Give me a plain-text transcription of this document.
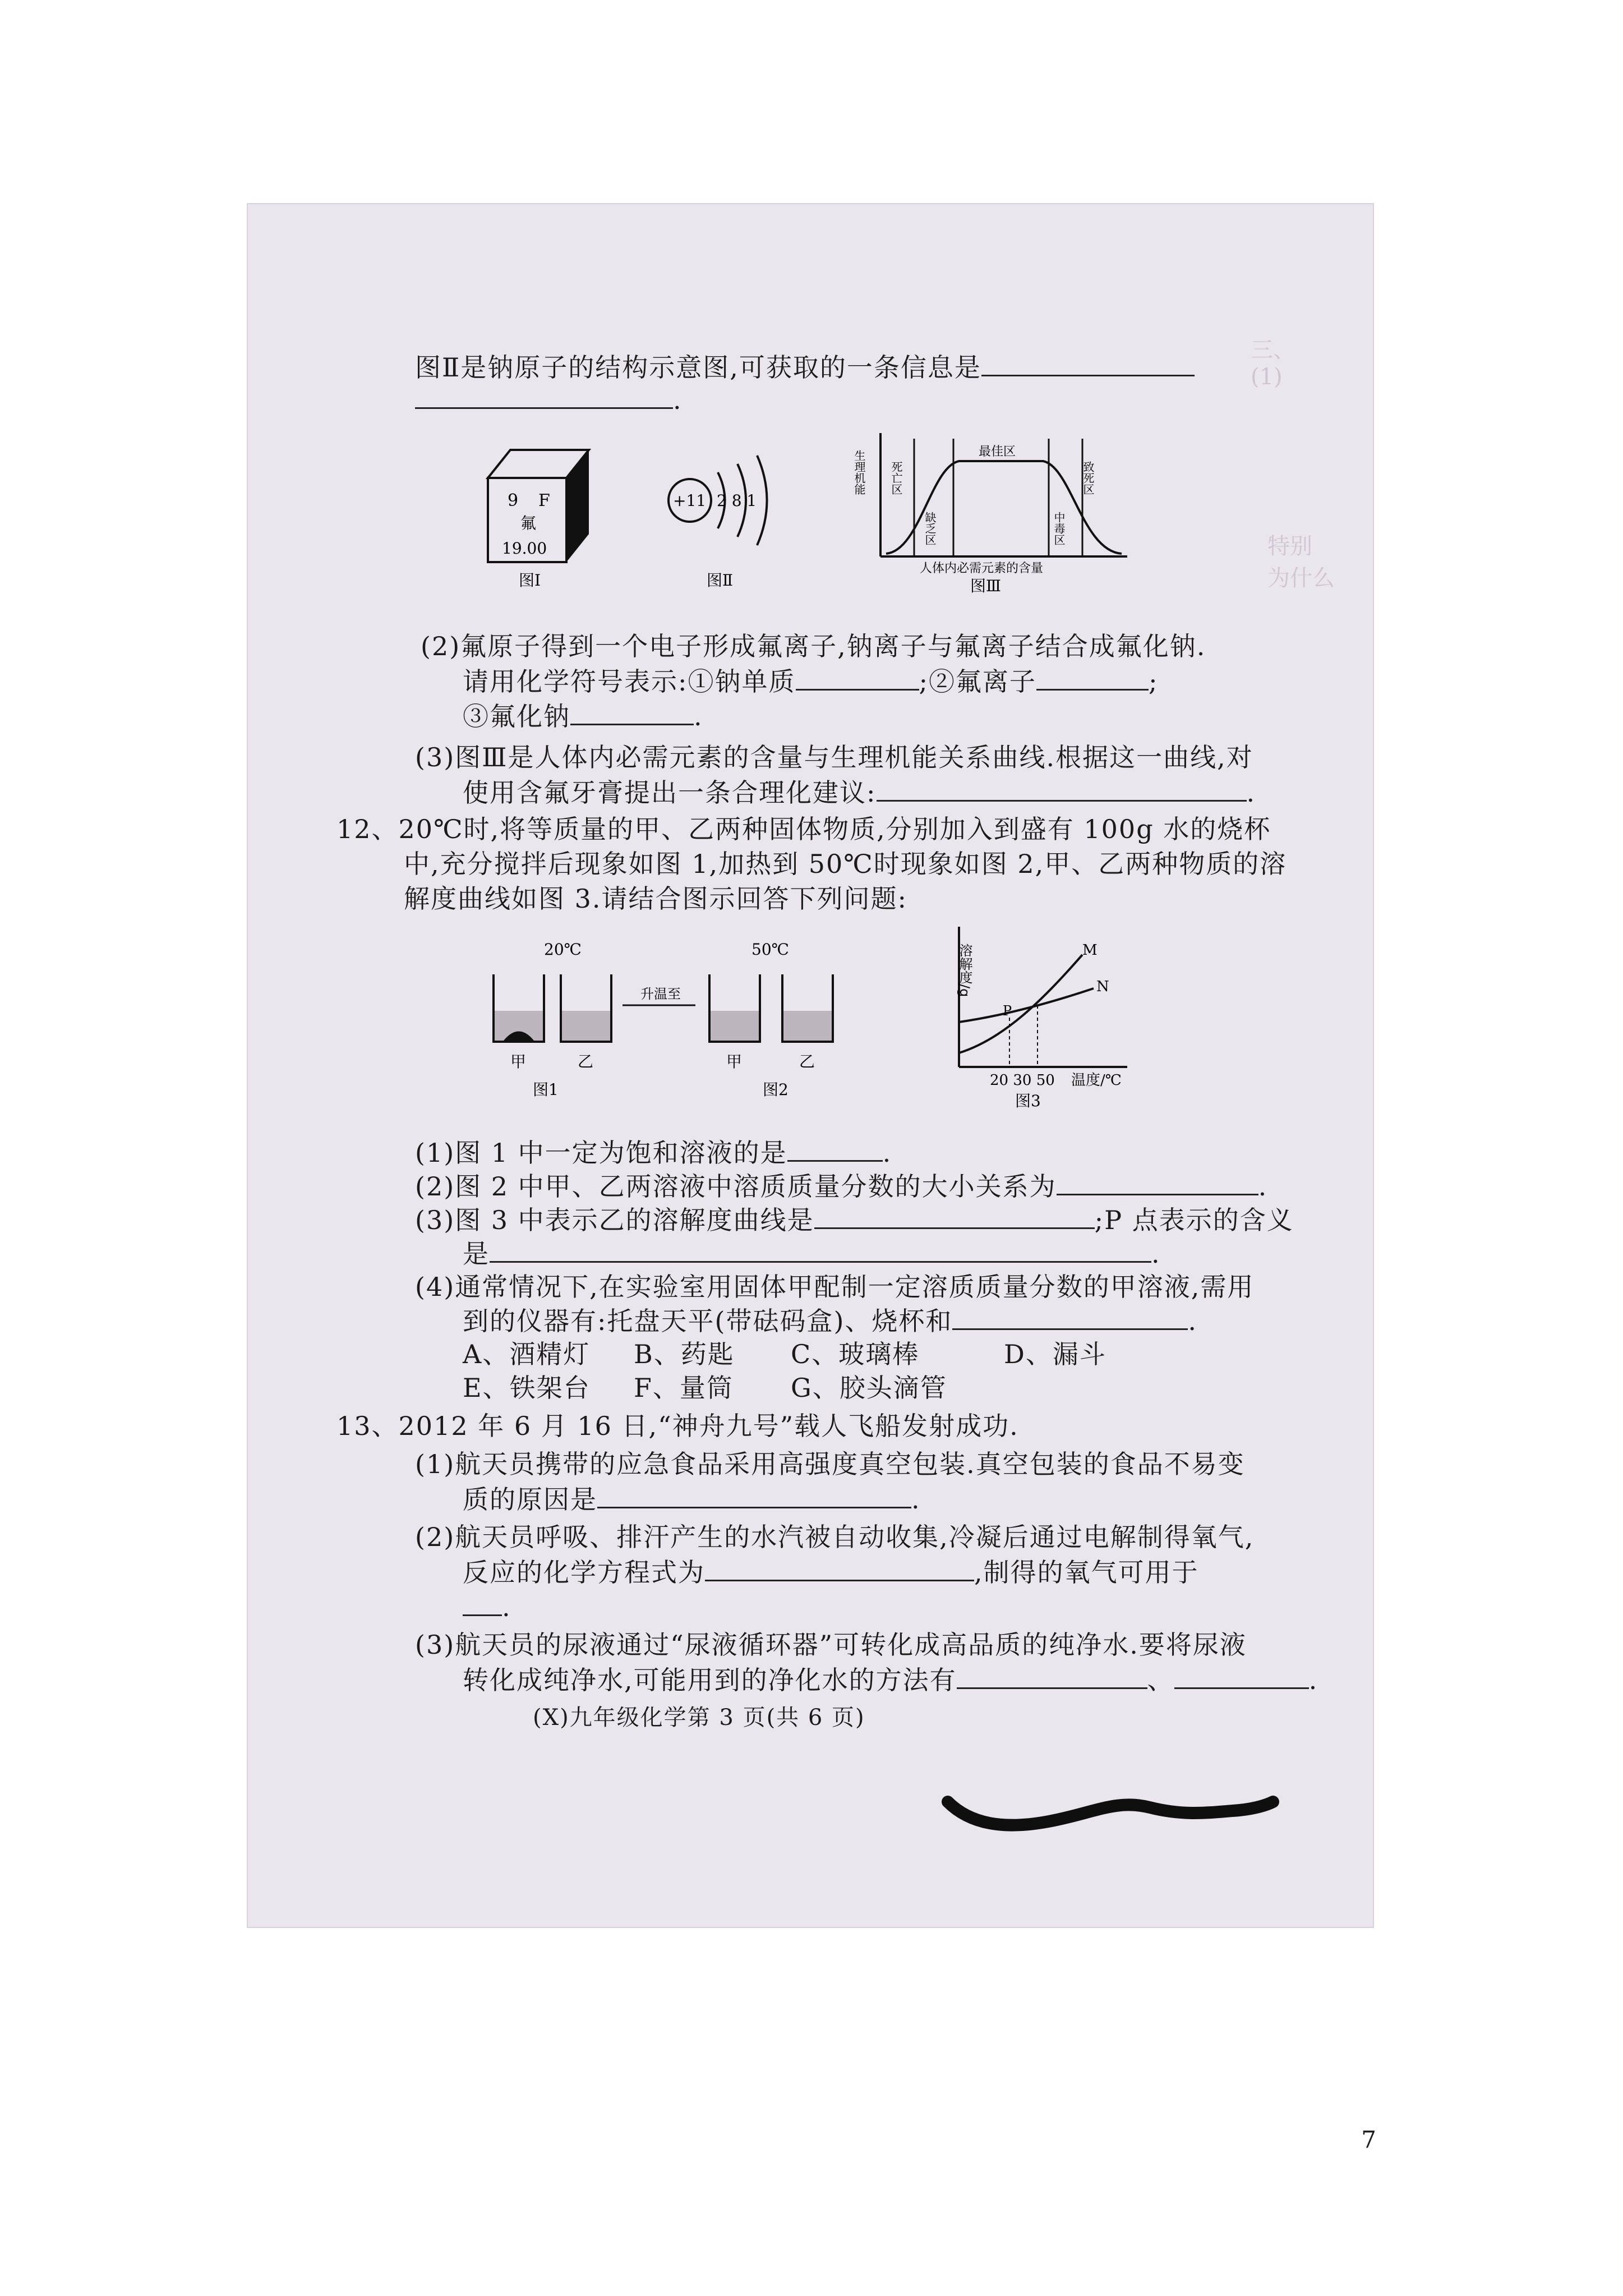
三、
(1)
特别
为什么
图Ⅱ是钠原子的结构示意图,可获取的一条信息是
.
9 F
氟
19.00
图Ⅰ
+11 2 8 1
图Ⅱ
生理机能 死亡区
最佳区
致死区
缺乏区	中毒区
人体内必需元素的含量
图Ⅲ
(2)氟原子得到一个电子形成氟离子,钠离子与氟离子结合成氟化钠.
请用化学符号表示:①钠单质	;②氟离子	;
③氟化钠	.
(3)图Ⅲ是人体内必需元素的含量与生理机能关系曲线.根据这一曲线,对
使用含氟牙膏提出一条合理化建议:	.
12、20℃时,将等质量的甲、乙两种固体物质,分别加入到盛有 100g 水的烧杯
中,充分搅拌后现象如图 1,加热到 50℃时现象如图 2,甲、乙两种物质的溶
解度曲线如图 3.请结合图示回答下列问题:
20℃	50℃
升温至
甲	乙	甲	乙
图1	图2
溶解度/g	M
N
P
20 30 50 温度/℃
图3
(1)图 1 中一定为饱和溶液的是	.
(2)图 2 中甲、乙两溶液中溶质质量分数的大小关系为	.
(3)图 3 中表示乙的溶解度曲线是	;P 点表示的含义
是	.
(4)通常情况下,在实验室用固体甲配制一定溶质质量分数的甲溶液,需用
到的仪器有:托盘天平(带砝码盒)、烧杯和	.
A、酒精灯 B、药匙 C、玻璃棒	D、漏斗
E、铁架台 F、量筒 G、胶头滴管
13、2012 年 6 月 16 日,“神舟九号”载人飞船发射成功.
(1)航天员携带的应急食品采用高强度真空包装.真空包装的食品不易变
质的原因是	.
(2)航天员呼吸、排汗产生的水汽被自动收集,冷凝后通过电解制得氧气,
反应的化学方程式为	,制得的氧气可用于
.
(3)航天员的尿液通过“尿液循环器”可转化成高品质的纯净水.要将尿液
转化成纯净水,可能用到的净化水的方法有	、	.
(X)九年级化学第 3 页(共 6 页)
7
